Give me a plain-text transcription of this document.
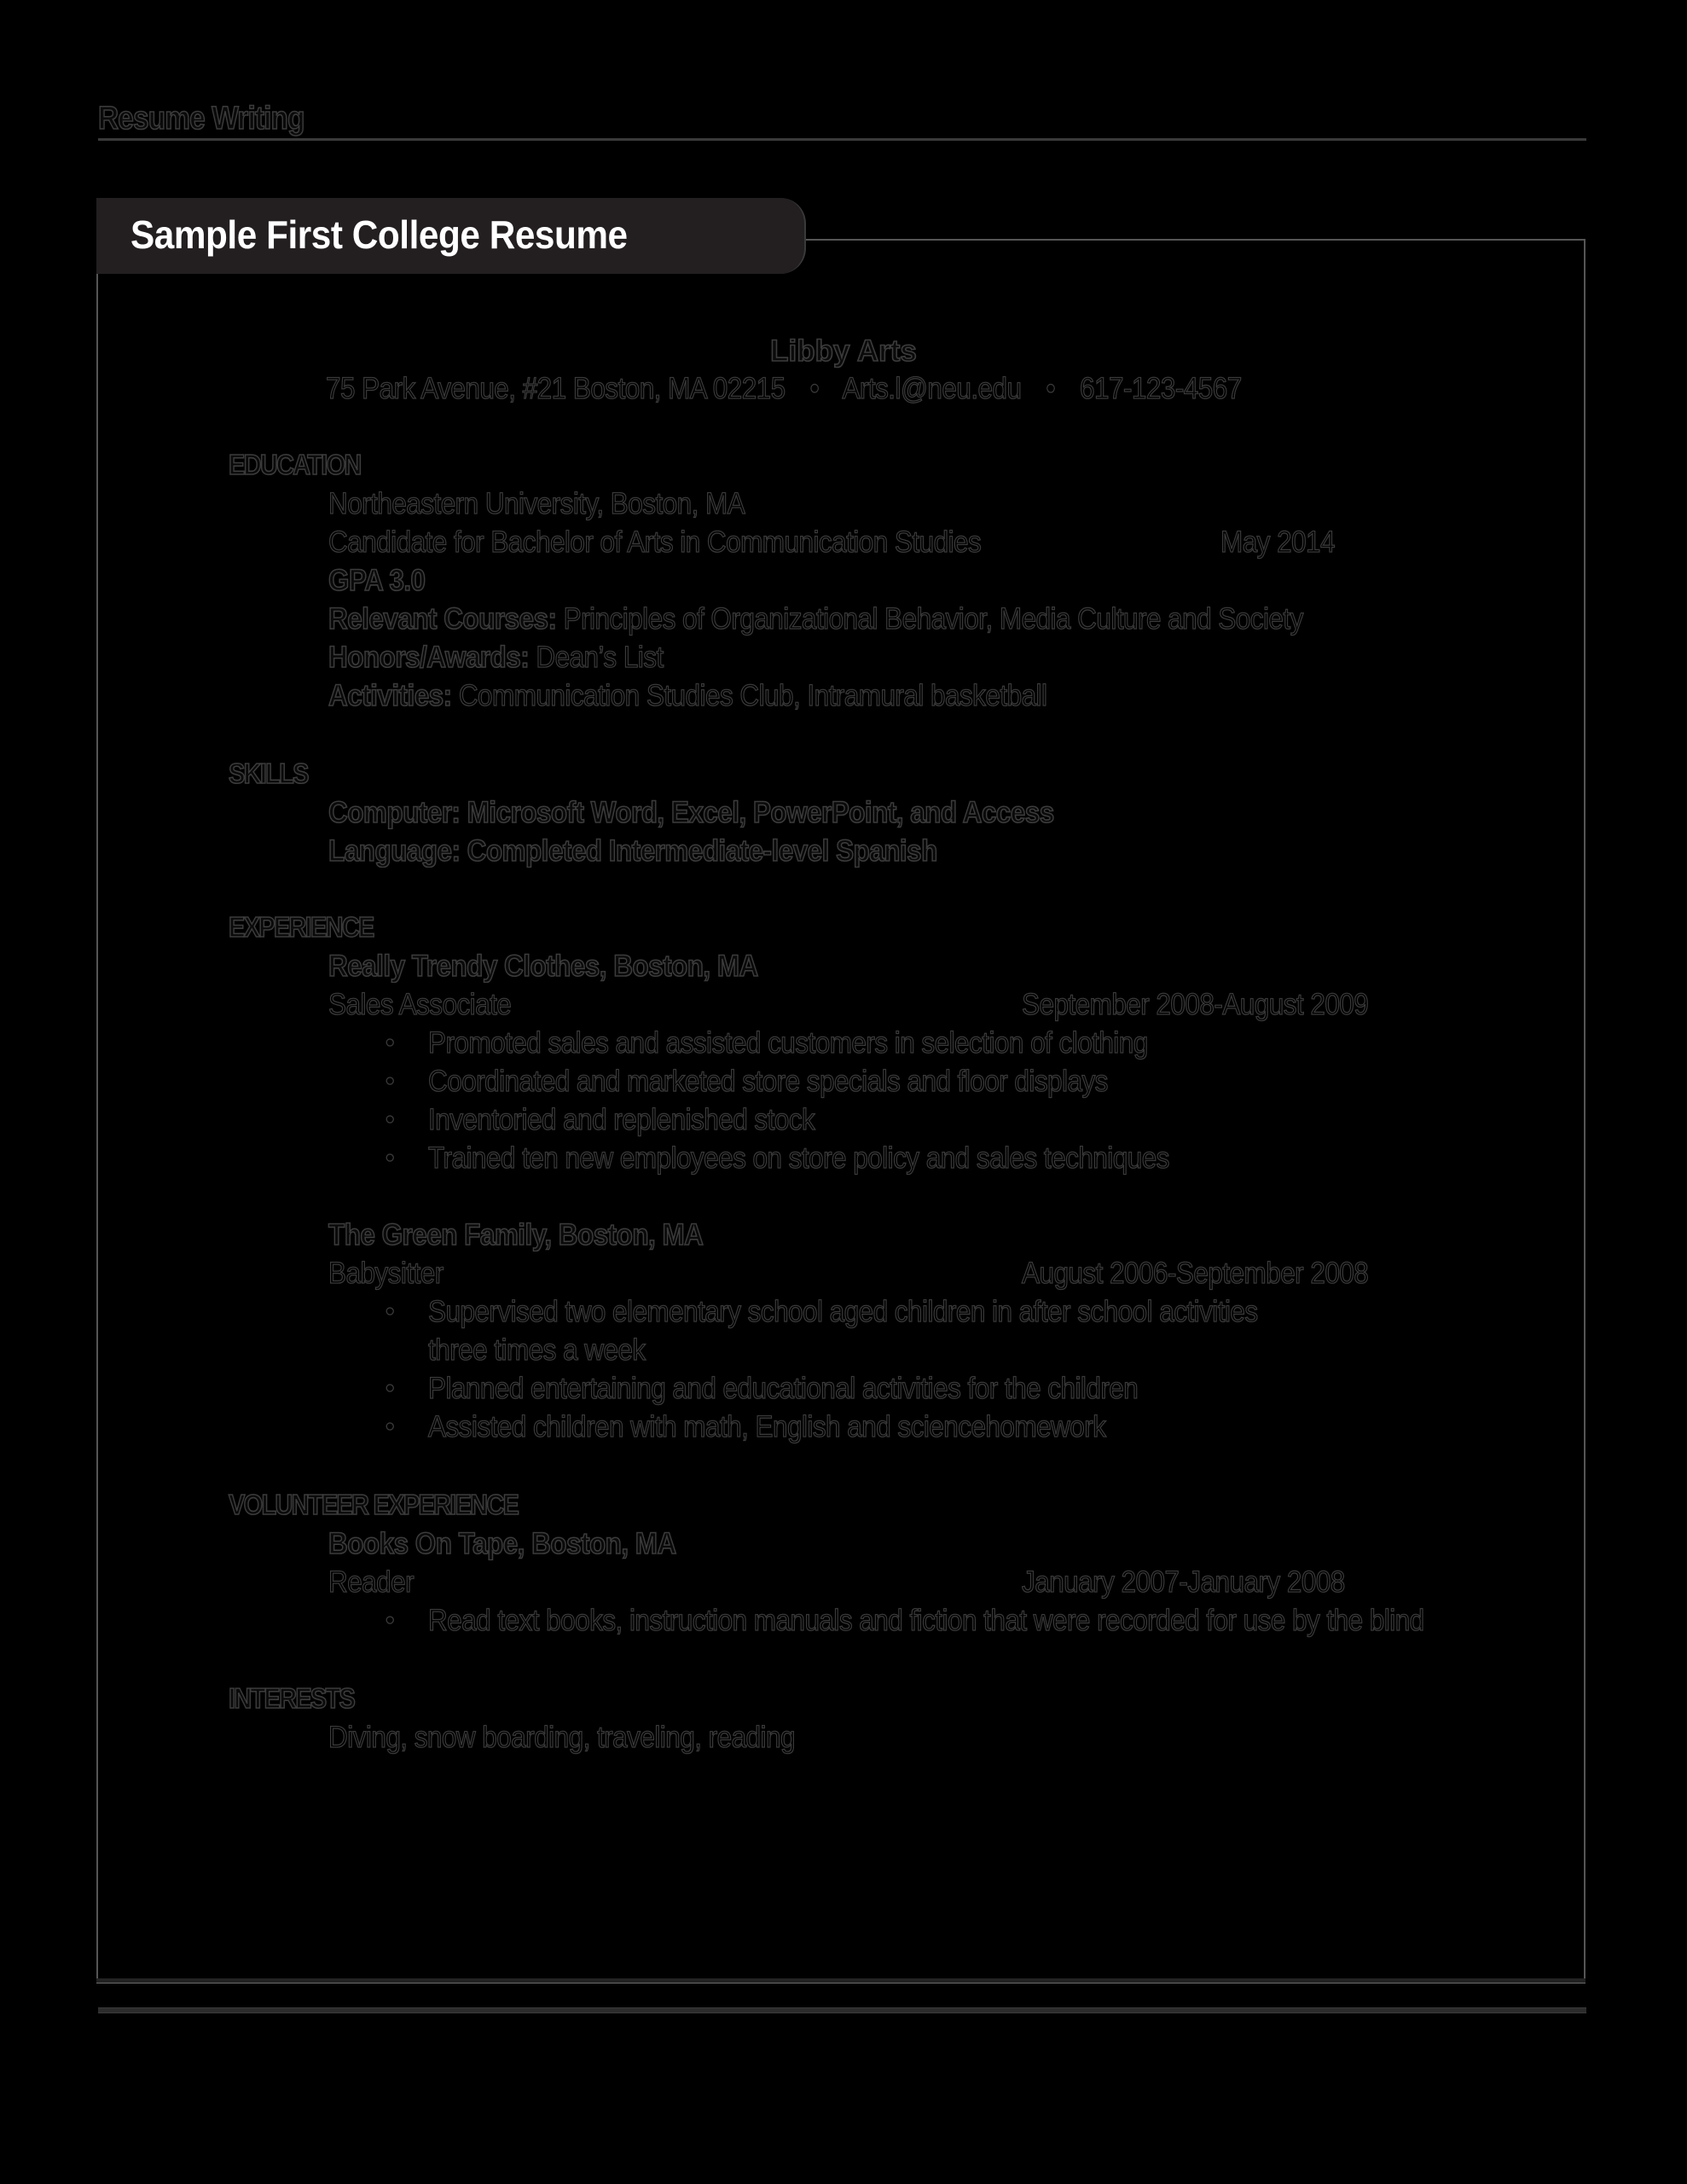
Resume Writing
Sample First College Resume
Libby Arts
75 Park Avenue, #21 Boston, MA 02215 • Arts.l@neu.edu • 617-123-4567
EDUCATION
Northeastern University, Boston, MA
Candidate for Bachelor of Arts in Communication Studies	May 2014
GPA 3.0
Relevant Courses: Principles of Organizational Behavior, Media Culture and Society
Honors/Awards: Dean’s List
Activities: Communication Studies Club, Intramural basketball
SKILLS
Computer: Microsoft Word, Excel, PowerPoint, and Access
Language: Completed Intermediate-level Spanish
EXPERIENCE
Really Trendy Clothes, Boston, MA
Sales Associate	September 2008-August 2009
• Promoted sales and assisted customers in selection of clothing
• Coordinated and marketed store specials and floor displays
• Inventoried and replenished stock
• Trained ten new employees on store policy and sales techniques
The Green Family, Boston, MA
Babysitter	August 2006-September 2008
• Supervised two elementary school aged children in after school activities
three times a week
• Planned entertaining and educational activities for the children
• Assisted children with math, English and sciencehomework
VOLUNTEER EXPERIENCE
Books On Tape, Boston, MA
Reader	January 2007-January 2008
• Read text books, instruction manuals and fiction that were recorded for use by the blind
INTERESTS
Diving, snow boarding, traveling, reading
